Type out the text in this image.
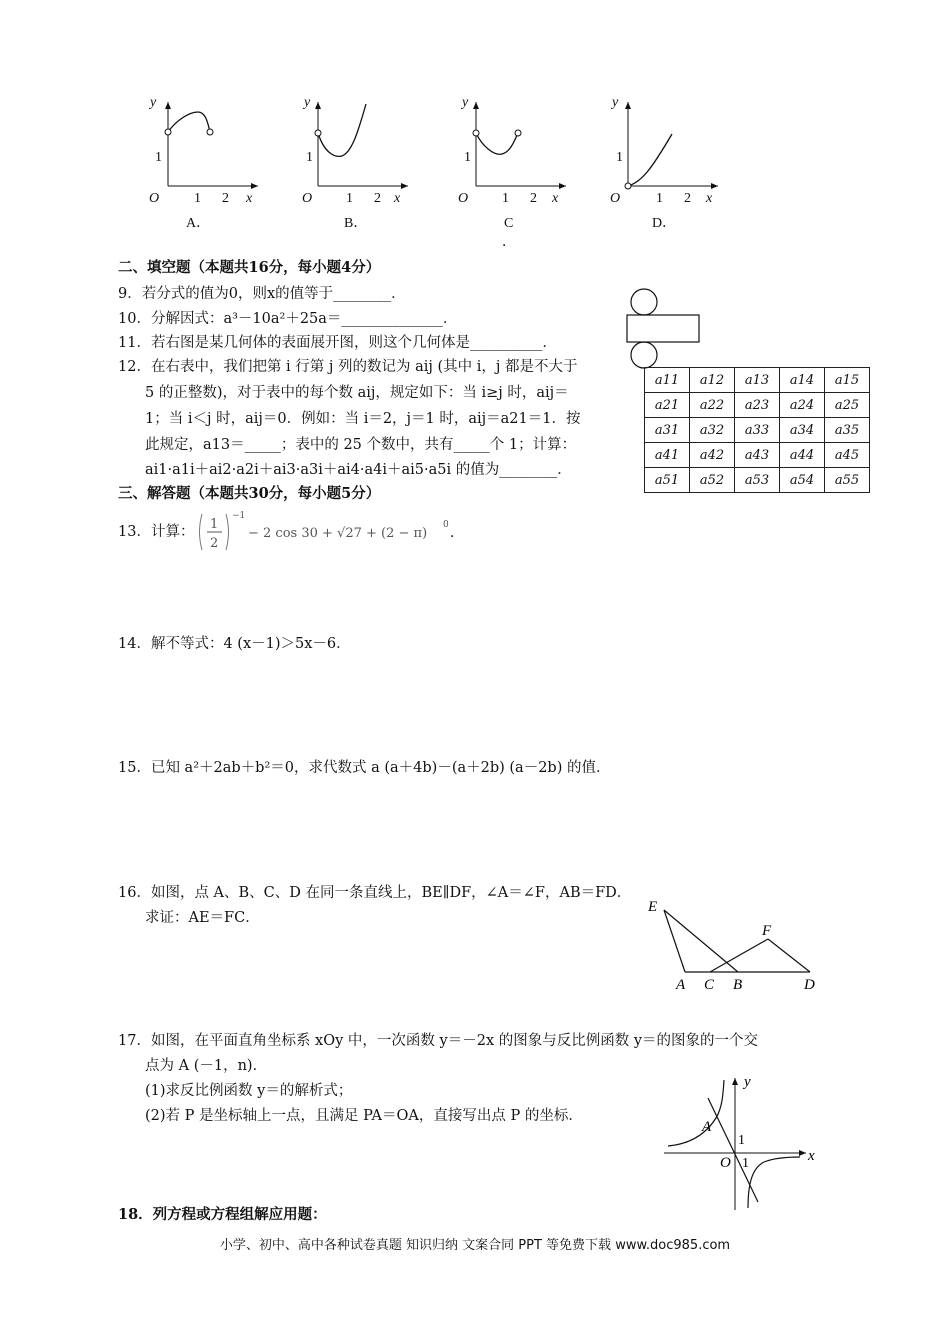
y
x
O 1 2
1
A．
y
x
O 1 2
1
B．
y
x
O 1 2
1
C
．
y
x
O	1 2
1
D．
二、填空题（本题共16分，每小题4分）
9．若分式的值为0，则x的值等于________．
10．分解因式：a³－10a²＋25a＝______________．
11．若右图是某几何体的表面展开图，则这个几何体是__________．
12．在右表中，我们把第 i 行第 j 列的数记为 aij (其中 i，j 都是不大于
5 的正整数)，对于表中的每个数 aij，规定如下：当 i≥j 时，aij＝
1；当 i＜j 时，aij＝0．例如：当 i＝2，j＝1 时，aij＝a21＝1．按
此规定，a13＝_____；表中的 25 个数中，共有_____个 1；计算：
ai1·a1i＋ai2·a2i＋ai3·a3i＋ai4·a4i＋ai5·a5i 的值为________．
a11	a12	a13	a14	a15
a21	a22	a23	a24	a25
a31	a32	a33	a34	a35
a41	a42	a43	a44	a45
a51	a52	a53	a54	a55
三、解答题（本题共30分，每小题5分）
13．计算： 1
2
−1
− 2 cos 30 + √27 + (2 − π)
0 ．
14．解不等式：4 (x－1)＞5x－6．
15．已知 a²＋2ab＋b²＝0，求代数式 a (a＋4b)－(a＋2b) (a－2b) 的值．
16．如图，点 A、B、C、D 在同一条直线上，BE∥DF，∠A＝∠F，AB＝FD．
求证：AE＝FC．
E
F
A C B	D
17．如图，在平面直角坐标系 xOy 中，一次函数 y＝－2x 的图象与反比例函数 y＝的图象的一个交
点为 A (－1，n)．
(1)求反比例函数 y＝的解析式；
(2)若 P 是坐标轴上一点，且满足 PA＝OA，直接写出点 P 的坐标．
y
x
O
A
1
1
18．列方程或方程组解应用题：
小学、初中、高中各种试卷真题 知识归纳 文案合同 PPT 等免费下载 www.doc985.com
